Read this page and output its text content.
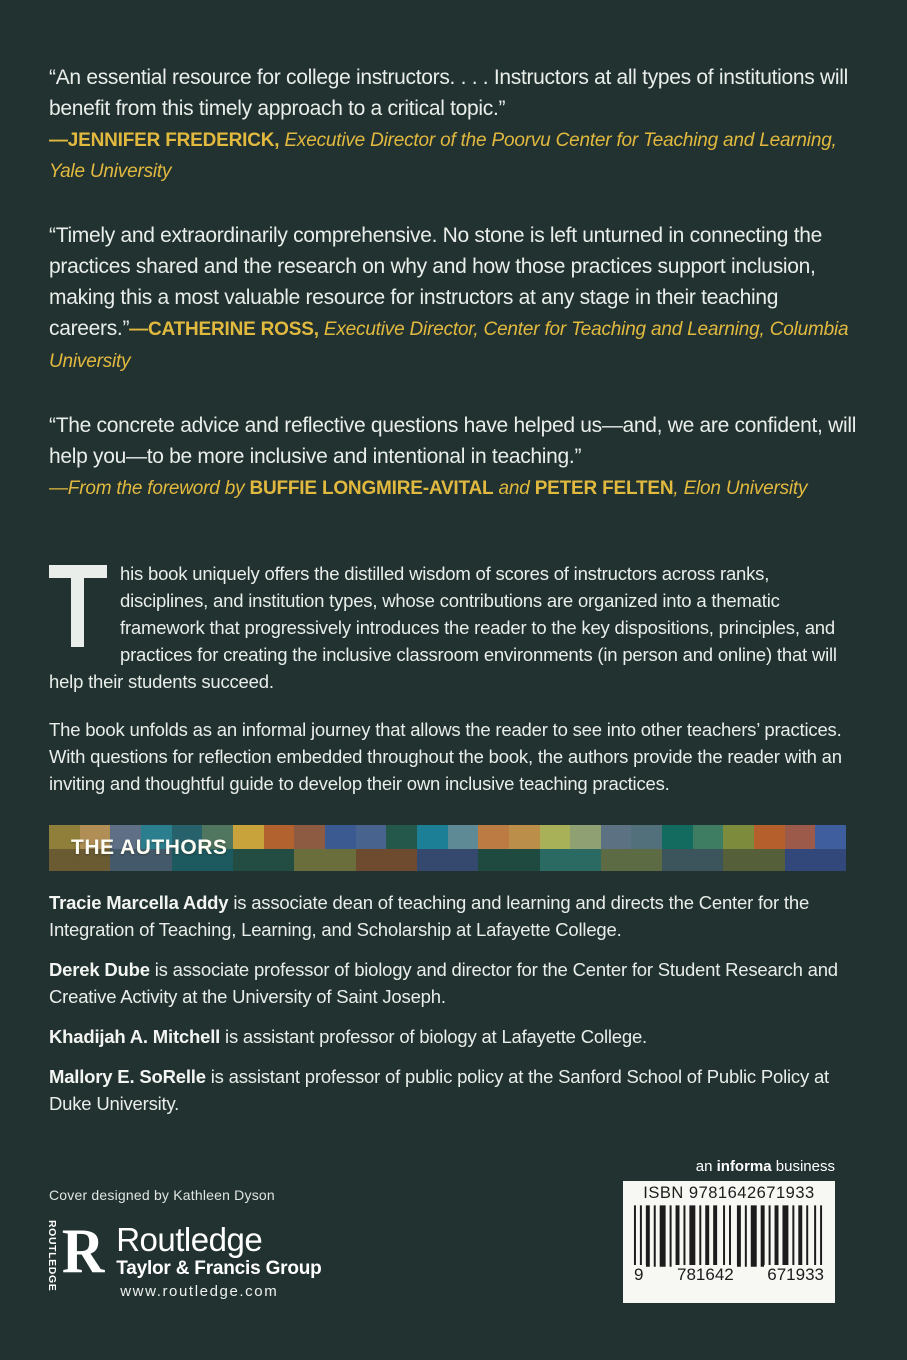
“An essential resource for college instructors. . . . Instructors at all types of institutions will benefit from this timely approach to a critical topic.”

—JENNIFER FREDERICK, Executive Director of the Poorvu Center for Teaching and Learning, Yale University

“Timely and extraordinarily comprehensive. No stone is left unturned in connecting the practices shared and the research on why and how those practices support inclusion, making this a most valuable resource for instructors at any stage in their teaching careers.”—CATHERINE ROSS, Executive Director, Center for Teaching and Learning, Columbia University

“The concrete advice and reflective questions have helped us—and, we are confident, will help you—to be more inclusive and intentional in teaching.”

—From the foreword by BUFFIE LONGMIRE-AVITAL and PETER FELTEN, Elon University

his book uniquely offers the distilled wisdom of scores of instructors across ranks, disciplines, and institution types, whose contributions are organized into a thematic framework that progressively introduces the reader to the key dispositions, principles, and practices for creating the inclusive classroom environments (in person and online) that will help their students succeed.

The book unfolds as an informal journey that allows the reader to see into other teachers’ practices. With questions for reflection embedded throughout the book, the authors provide the reader with an inviting and thoughtful guide to develop their own inclusive teaching practices.

THE AUTHORS

Tracie Marcella Addy is associate dean of teaching and learning and directs the Center for the Integration of Teaching, Learning, and Scholarship at Lafayette College.

Derek Dube is associate professor of biology and director for the Center for Student Research and Creative Activity at the University of Saint Joseph.

Khadijah A. Mitchell is assistant professor of biology at Lafayette College.

Mallory E. SoRelle is assistant professor of public policy at the Sanford School of Public Policy at Duke University.

Cover designed by Kathleen Dyson
ROUTLEDGE R Routledge
Taylor & Francis Group
www.routledge.com
an informa business
ISBN 9781642671933
9 781642 671933
